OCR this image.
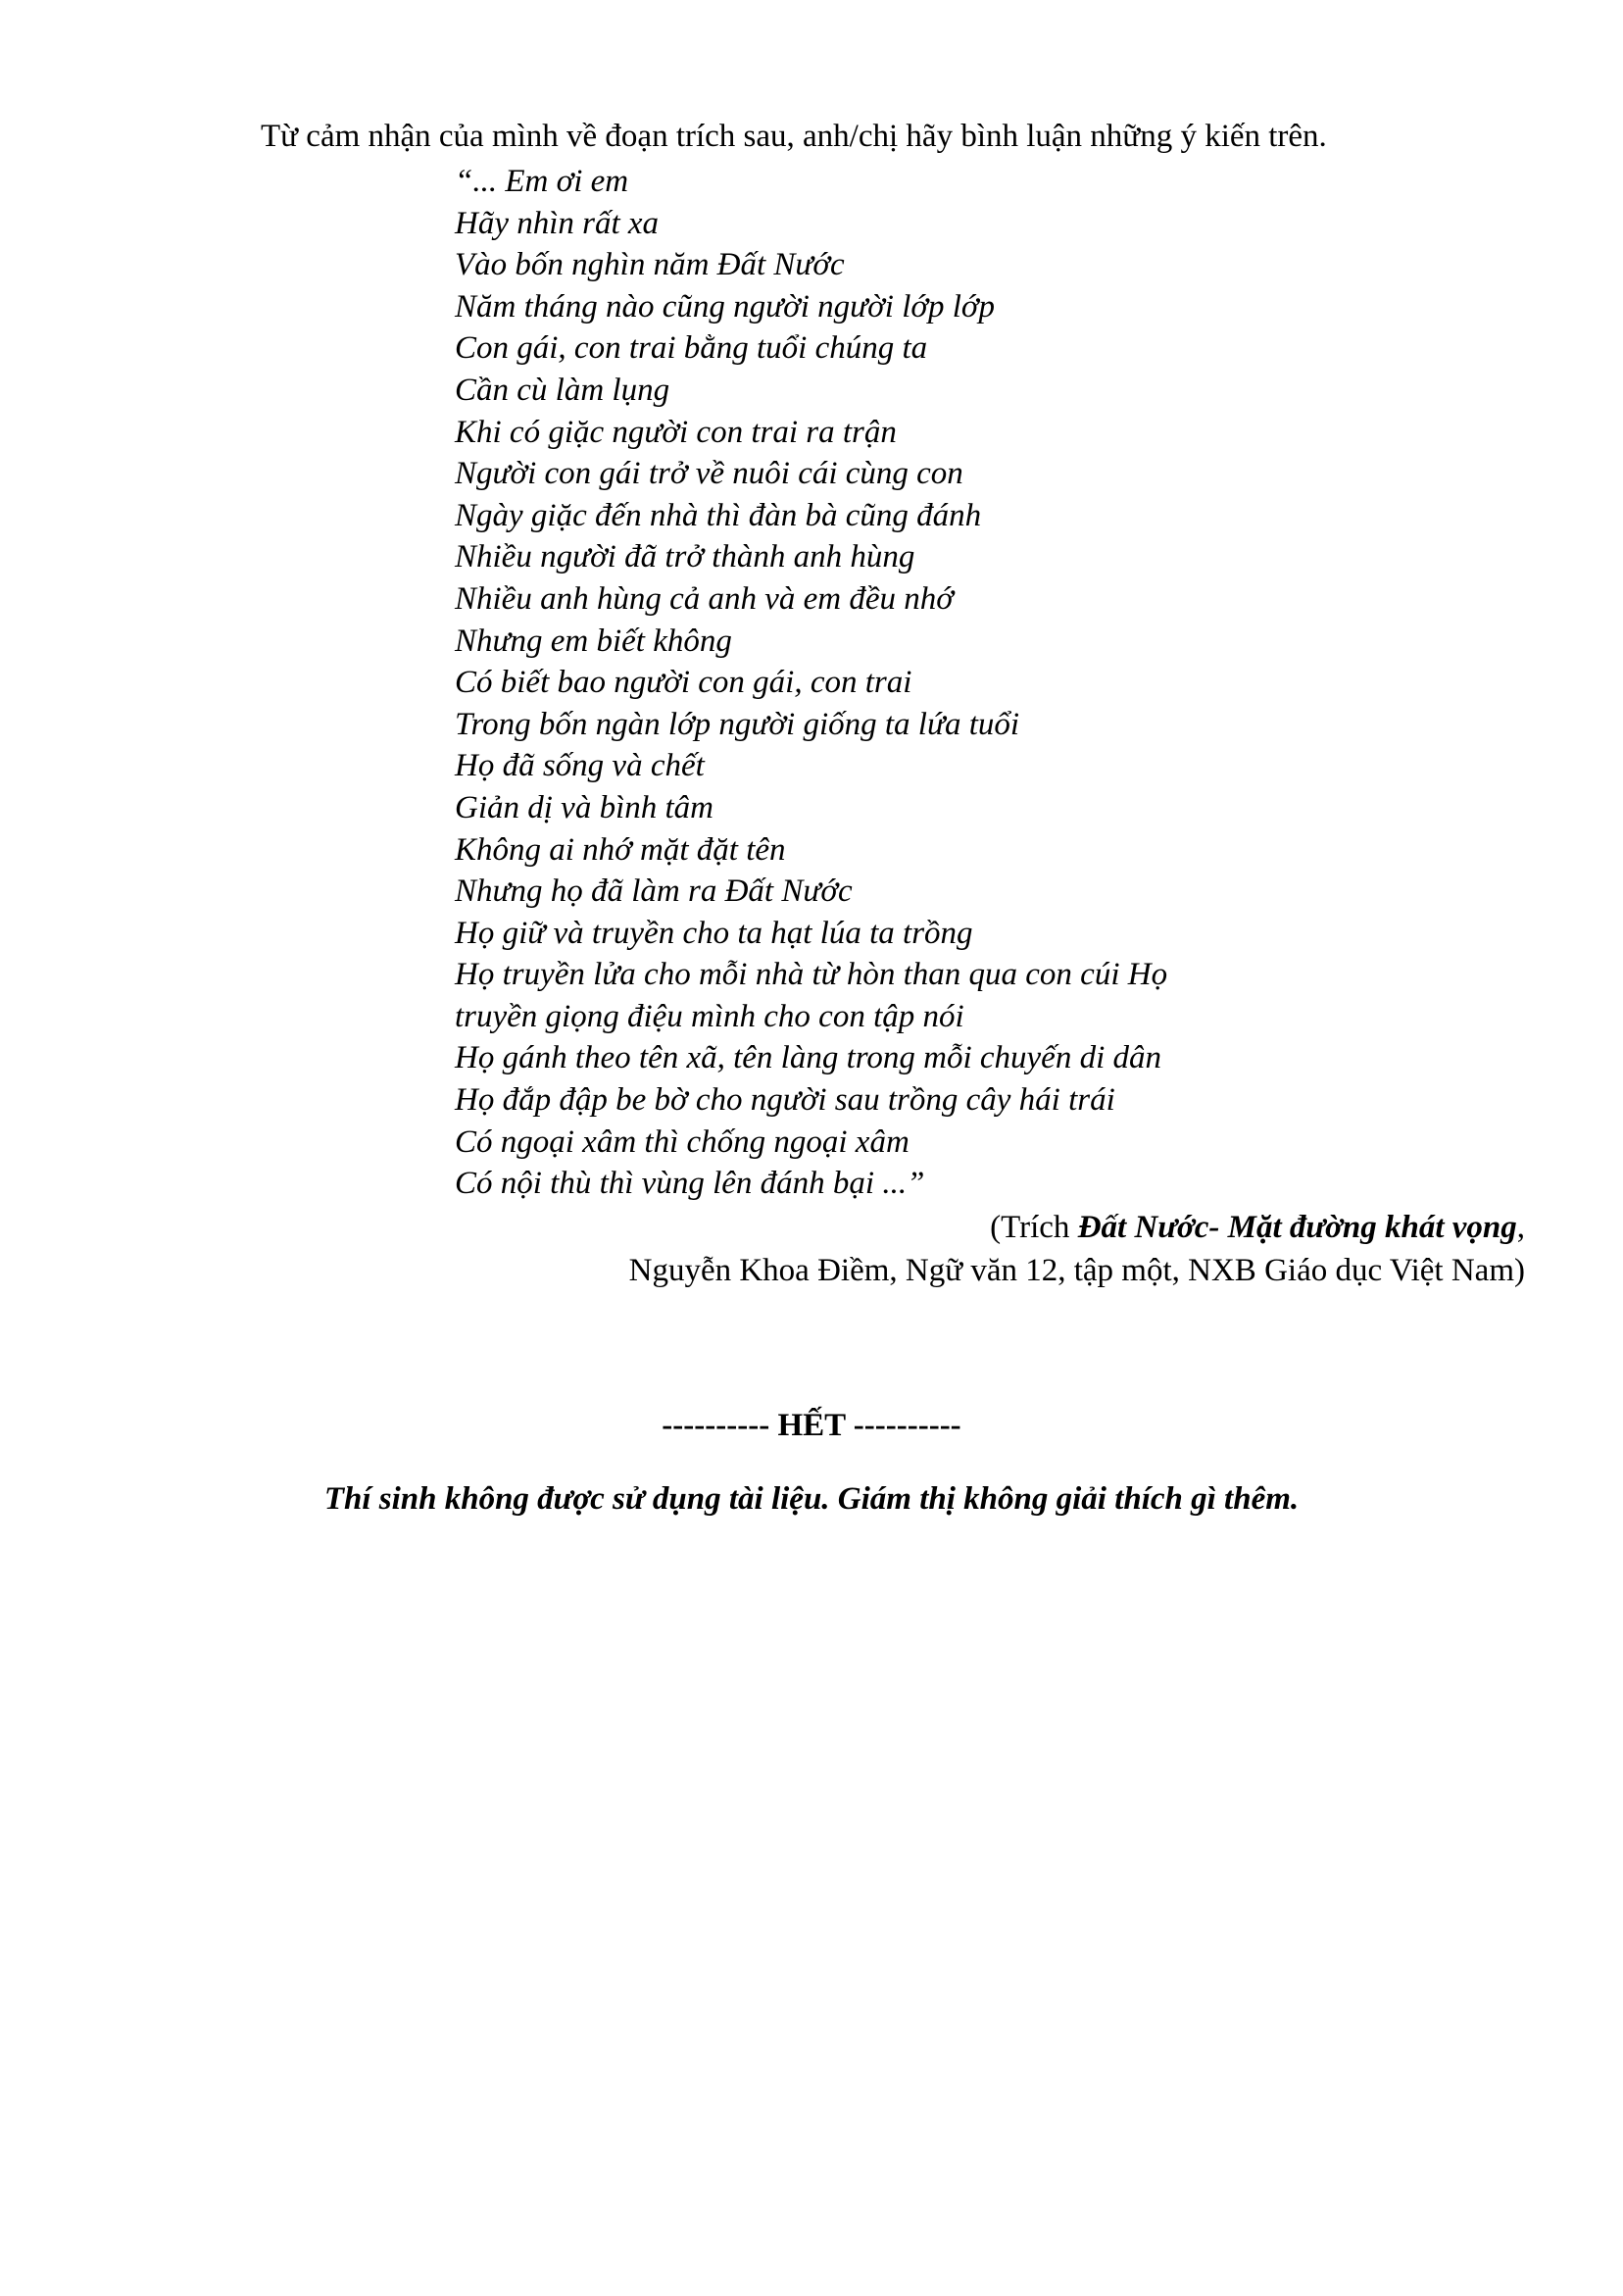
Từ cảm nhận của mình về đoạn trích sau, anh/chị hãy bình luận những ý kiến trên.
“... Em ơi em
Hãy nhìn rất xa
Vào bốn nghìn năm Đất Nước
Năm tháng nào cũng người người lớp lớp
Con gái, con trai bằng tuổi chúng ta
Cần cù làm lụng
Khi có giặc người con trai ra trận
Người con gái trở về nuôi cái cùng con
Ngày giặc đến nhà thì đàn bà cũng đánh
Nhiều người đã trở thành anh hùng
Nhiều anh hùng cả anh và em đều nhớ
Nhưng em biết không
Có biết bao người con gái, con trai
Trong bốn ngàn lớp người giống ta lứa tuổi
Họ đã sống và chết
Giản dị và bình tâm
Không ai nhớ mặt đặt tên
Nhưng họ đã làm ra Đất Nước
Họ giữ và truyền cho ta hạt lúa ta trồng
Họ truyền lửa cho mỗi nhà từ hòn than qua con cúi Họ
truyền giọng điệu mình cho con tập nói
Họ gánh theo tên xã, tên làng trong mỗi chuyến di dân
Họ đắp đập be bờ cho người sau trồng cây hái trái
Có ngoại xâm thì chống ngoại xâm
Có nội thù thì vùng lên đánh bại ...”
(Trích Đất Nước- Mặt đường khát vọng,
Nguyễn Khoa Điềm, Ngữ văn 12, tập một, NXB Giáo dục Việt Nam)
---------- HẾT ----------
Thí sinh không được sử dụng tài liệu. Giám thị không giải thích gì thêm.
